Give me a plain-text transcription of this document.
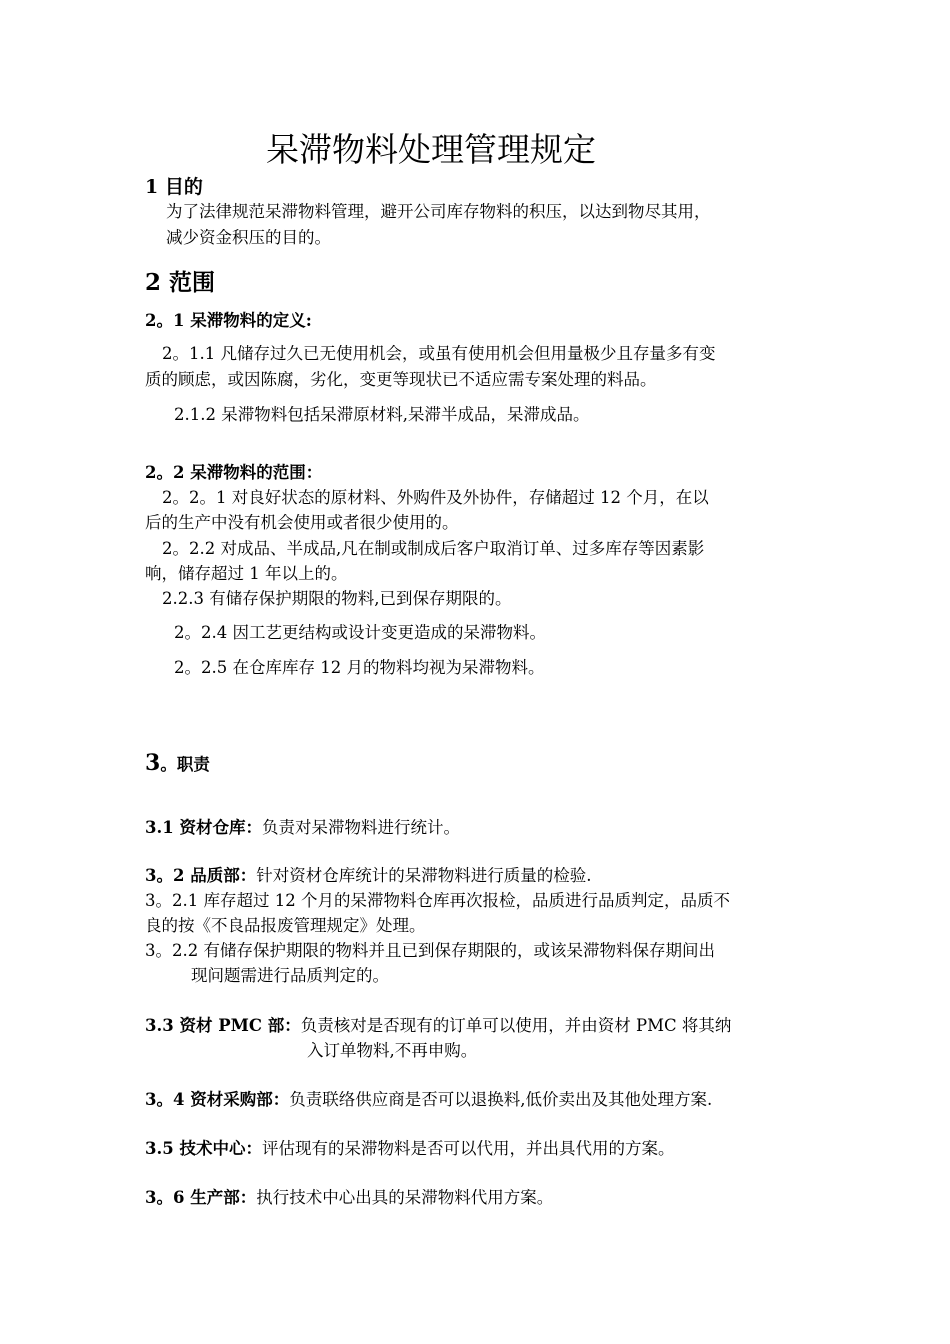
呆滞物料处理管理规定
1 目的
为了法律规范呆滞物料管理，避开公司库存物料的积压，以达到物尽其用，
减少资金积压的目的。
2 范围
2。1 呆滞物料的定义:
2。1.1 凡储存过久已无使用机会，或虽有使用机会但用量极少且存量多有变
质的顾虑，或因陈腐，劣化，变更等现状已不适应需专案处理的料品。
2.1.2 呆滞物料包括呆滞原材料,呆滞半成品，呆滞成品。
2。2 呆滞物料的范围：
2。2。1 对良好状态的原材料、外购件及外协件，存储超过 12 个月，在以
后的生产中没有机会使用或者很少使用的。
2。2.2 对成品、半成品,凡在制或制成后客户取消订单、过多库存等因素影
响，储存超过 1 年以上的。
2.2.3 有储存保护期限的物料,已到保存期限的。
2。2.4 因工艺更结构或设计变更造成的呆滞物料。
2。2.5 在仓库库存 12 月的物料均视为呆滞物料。
3。职责
3.1 资材仓库：负责对呆滞物料进行统计。
3。2 品质部：针对资材仓库统计的呆滞物料进行质量的检验.
3。2.1 库存超过 12 个月的呆滞物料仓库再次报检，品质进行品质判定，品质不
良的按《不良品报废管理规定》处理。
3。2.2 有储存保护期限的物料并且已到保存期限的，或该呆滞物料保存期间出
现问题需进行品质判定的。
3.3 资材 PMC 部：负责核对是否现有的订单可以使用，并由资材 PMC 将其纳
入订单物料,不再申购。
3。4 资材采购部：负责联络供应商是否可以退换料,低价卖出及其他处理方案.
3.5 技术中心：评估现有的呆滞物料是否可以代用，并出具代用的方案。
3。6 生产部：执行技术中心出具的呆滞物料代用方案。
